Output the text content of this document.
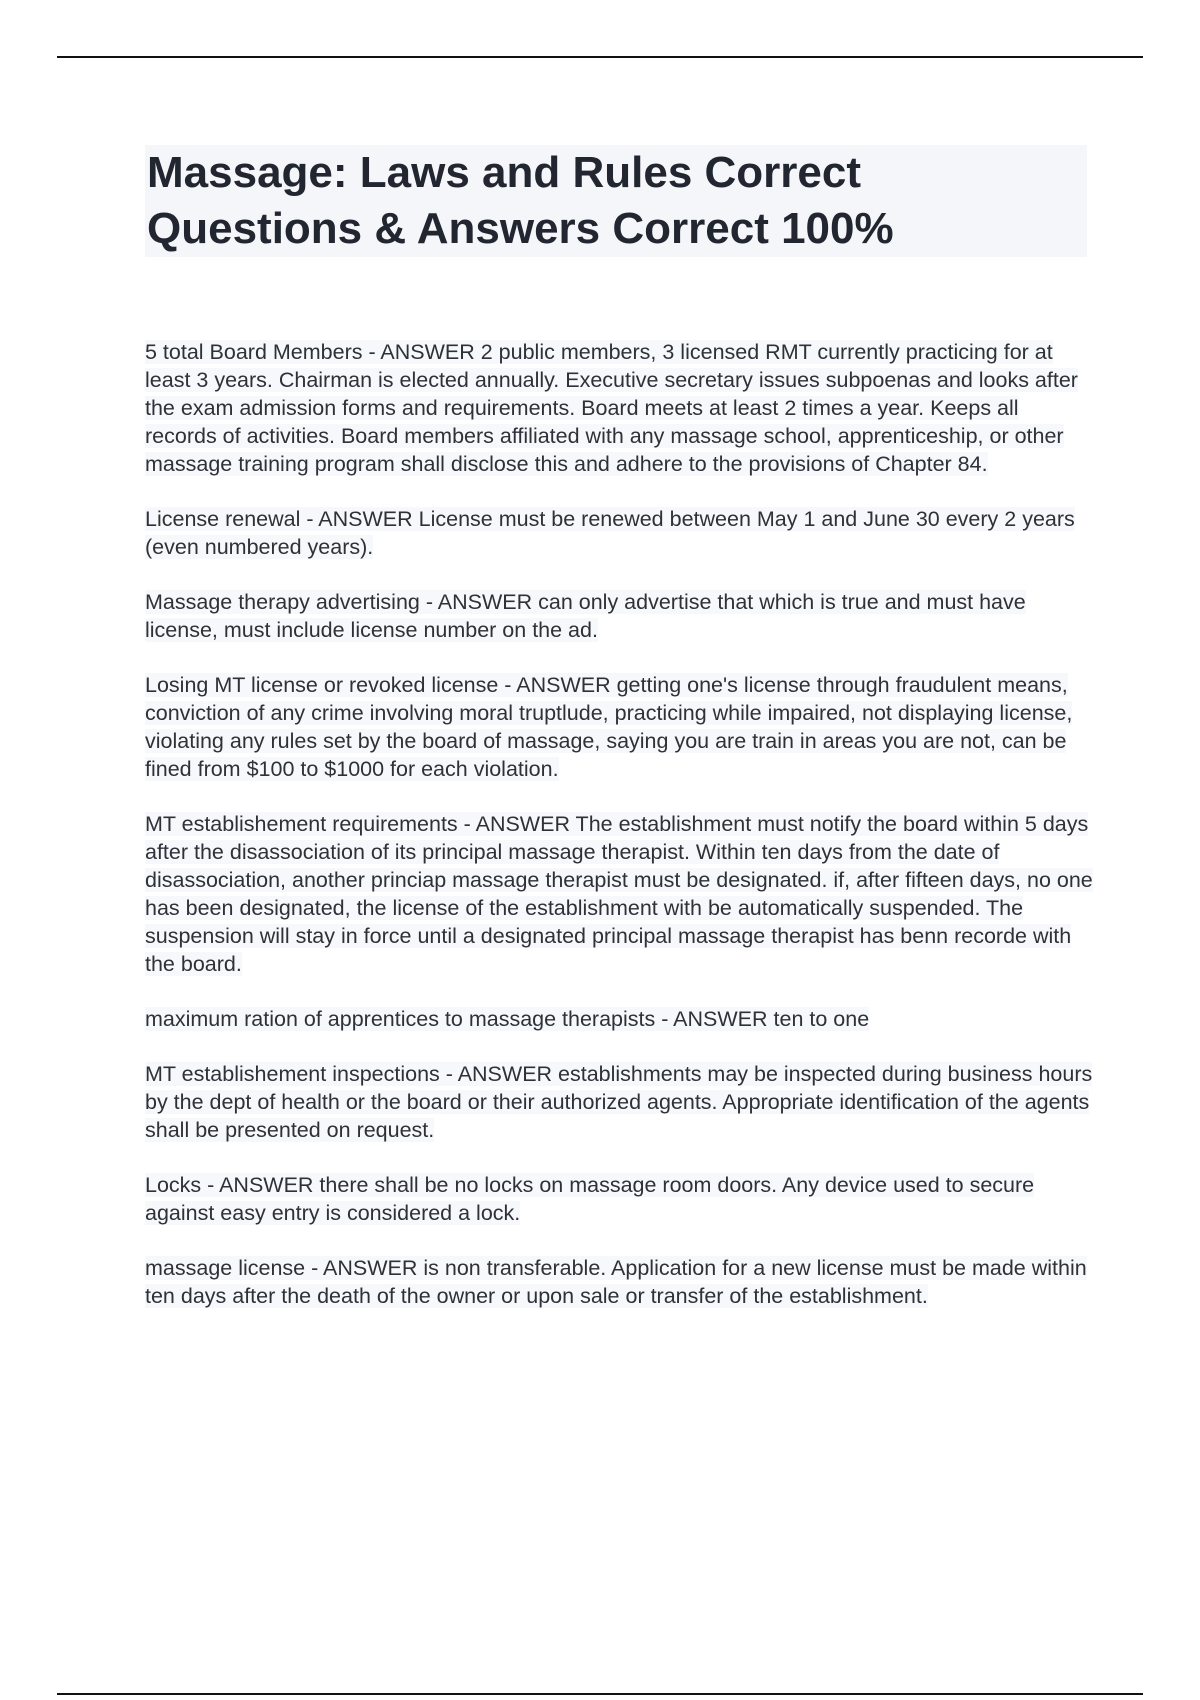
Massage: Laws and Rules Correct
Questions & Answers Correct 100%

5 total Board Members - ANSWER 2 public members, 3 licensed RMT currently practicing for at least 3 years. Chairman is elected annually. Executive secretary issues subpoenas and looks after the exam admission forms and requirements. Board meets at least 2 times a year. Keeps all records of activities. Board members affiliated with any massage school, apprenticeship, or other massage training program shall disclose this and adhere to the provisions of Chapter 84.

License renewal - ANSWER License must be renewed between May 1 and June 30 every 2 years (even numbered years).

Massage therapy advertising - ANSWER can only advertise that which is true and must have license, must include license number on the ad.

Losing MT license or revoked license - ANSWER getting one's license through fraudulent means, conviction of any crime involving moral truptlude, practicing while impaired, not displaying license, violating any rules set by the board of massage, saying you are train in areas you are not, can be fined from $100 to $1000 for each violation.

MT establishement requirements - ANSWER The establishment must notify the board within 5 days after the disassociation of its principal massage therapist. Within ten days from the date of disassociation, another princiap massage therapist must be designated. if, after fifteen days, no one has been designated, the license of the establishment with be automatically suspended. The suspension will stay in force until a designated principal massage therapist has benn recorde with the board.

maximum ration of apprentices to massage therapists - ANSWER ten to one

MT establishement inspections - ANSWER establishments may be inspected during business hours by the dept of health or the board or their authorized agents. Appropriate identification of the agents shall be presented on request.

Locks - ANSWER there shall be no locks on massage room doors. Any device used to secure against easy entry is considered a lock.

massage license - ANSWER is non transferable. Application for a new license must be made within ten days after the death of the owner or upon sale or transfer of the establishment.
